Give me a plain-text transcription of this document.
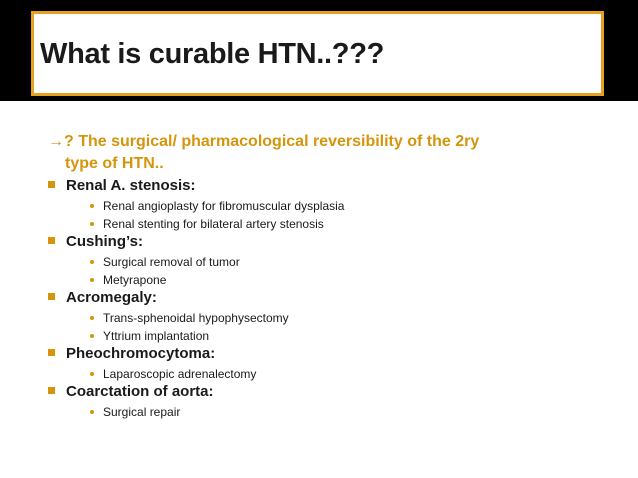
What is curable HTN..???
→? The surgical/ pharmacological reversibility of the 2ry
type of HTN..
Renal A. stenosis:
Renal angioplasty for fibromuscular dysplasia
Renal stenting for bilateral artery stenosis
Cushing’s:
Surgical removal of tumor
Metyrapone
Acromegaly:
Trans-sphenoidal hypophysectomy
Yttrium implantation
Pheochromocytoma:
Laparoscopic adrenalectomy
Coarctation of aorta:
Surgical repair
